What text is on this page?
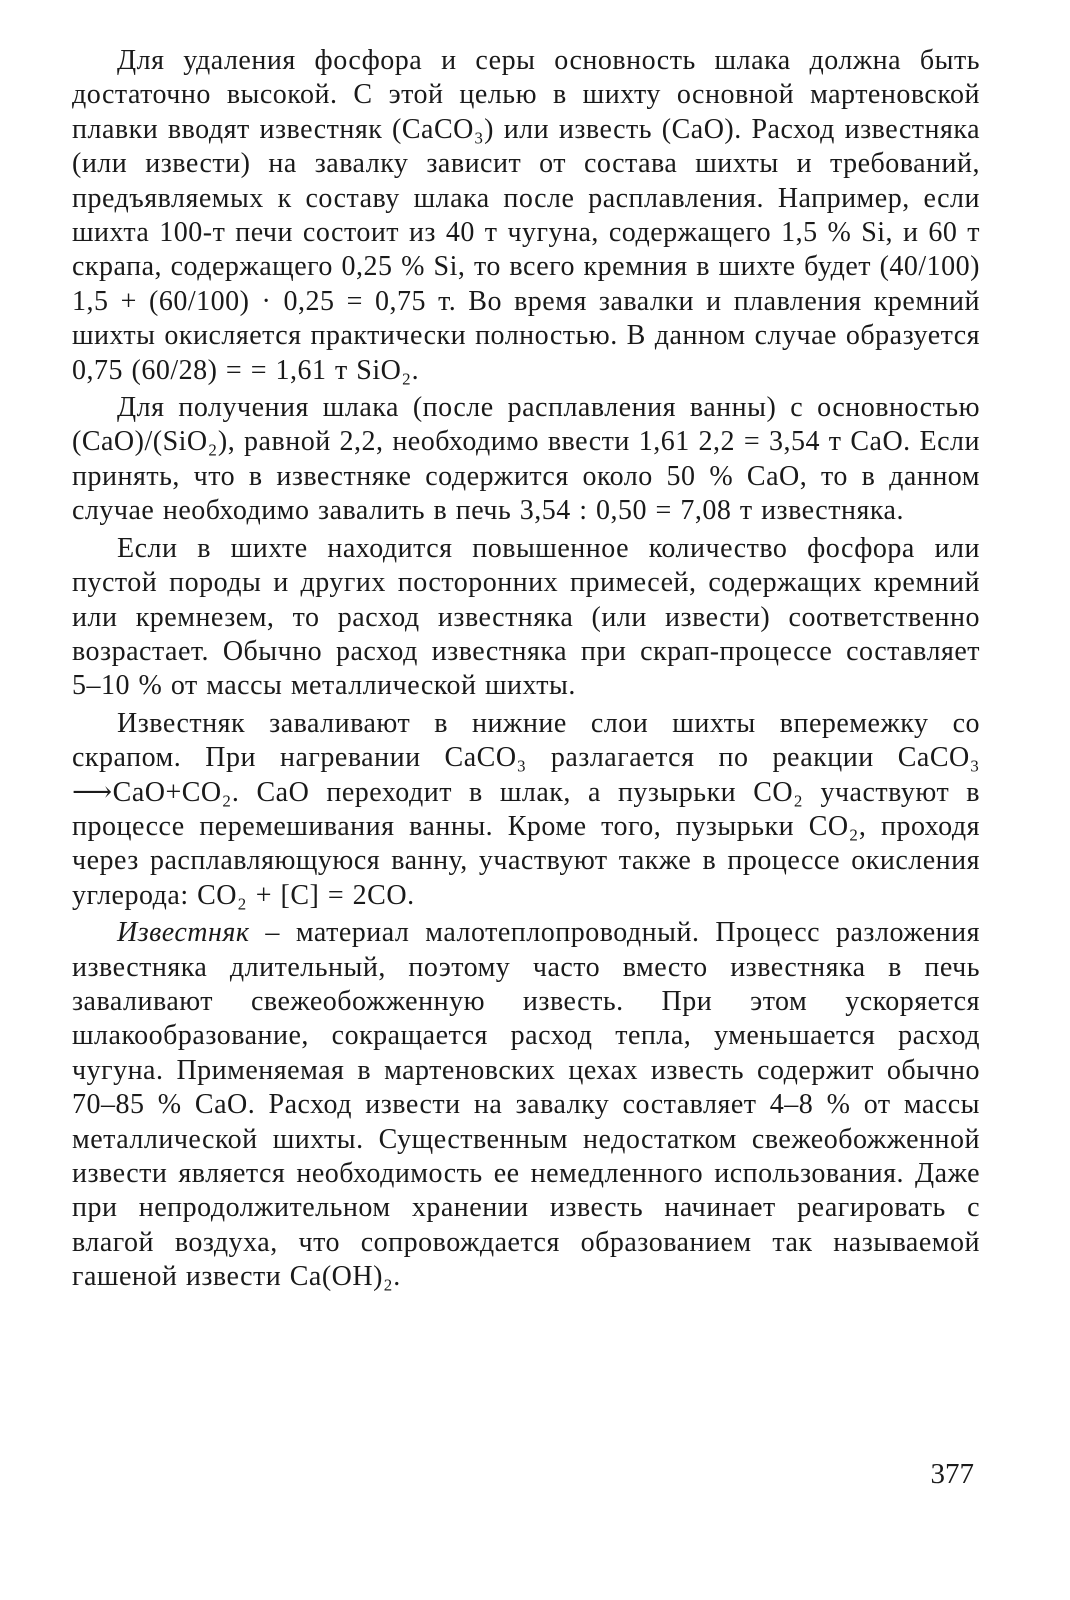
Для удаления фосфора и серы основность шлака должна быть достаточно высокой. С этой целью в шихту основной мартеновской плавки вводят известняк (CaCO₃) или известь (CaO). Расход известняка (или извести) на завалку зависит от состава шихты и требований, предъявляемых к составу шлака после расплавления. Например, если шихта 100-т печи состоит из 40 т чугуна, содержащего 1,5 % Si, и 60 т скрапа, содержащего 0,25 % Si, то всего кремния в шихте будет (40/100) 1,5 + (60/100) · 0,25 = 0,75 т. Во время завалки и плавления кремний шихты окисляется практически полностью. В данном случае образуется 0,75 (60/28) = = 1,61 т SiO₂.

Для получения шлака (после расплавления ванны) с основностью (CaO)/(SiO₂), равной 2,2, необходимо ввести 1,61 2,2 = 3,54 т CaO. Если принять, что в известняке содержится около 50 % CaO, то в данном случае необходимо завалить в печь 3,54 : 0,50 = 7,08 т известняка.

Если в шихте находится повышенное количество фосфора или пустой породы и других посторонних примесей, содержащих кремний или кремнезем, то расход известняка (или извести) соответственно возрастает. Обычно расход известняка при скрап-процессе составляет 5–10 % от массы металлической шихты.

Известняк заваливают в нижние слои шихты вперемежку со скрапом. При нагревании CaCO₃ разлагается по реакции CaCO₃ ⟶CaO+CO₂. CaO переходит в шлак, а пузырьки CO₂ участвуют в процессе перемешивания ванны. Кроме того, пузырьки CO₂, проходя через расплавляющуюся ванну, участвуют также в процессе окисления углерода: CO₂ + [C] = 2CO.

Известняк – материал малотеплопроводный. Процесс разложения известняка длительный, поэтому часто вместо известняка в печь заваливают свежеобожженную известь. При этом ускоряется шлакообразование, сокращается расход тепла, уменьшается расход чугуна. Применяемая в мартеновских цехах известь содержит обычно 70–85 % CaO. Расход извести на завалку составляет 4–8 % от массы металлической шихты. Существенным недостатком свежеобожженной извести является необходимость ее немедленного использования. Даже при непродолжительном хранении известь начинает реагировать с влагой воздуха, что сопровождается образованием так называемой гашеной извести Ca(OH)₂.

377
